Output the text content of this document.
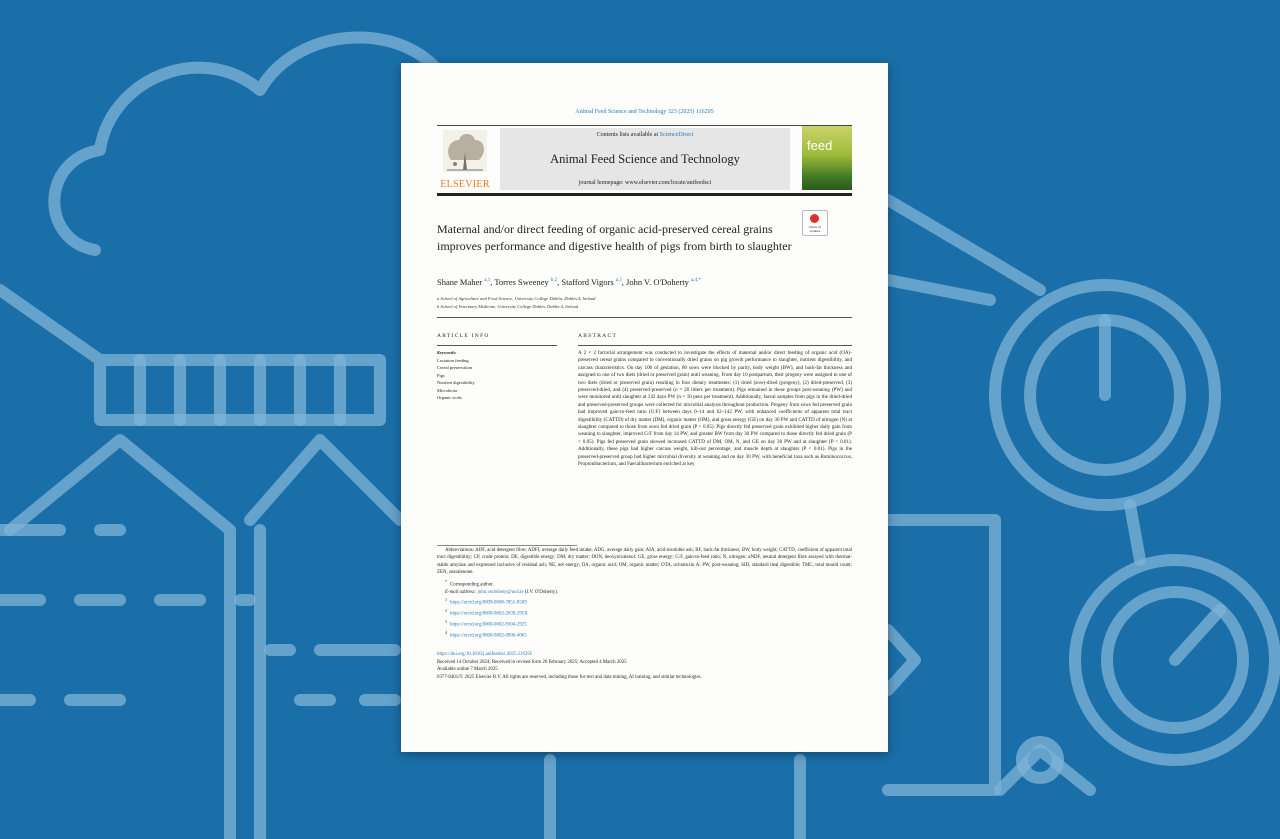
Animal Feed Science and Technology 323 (2025) 116295
ELSEVIER
Contents lists available at ScienceDirect
Animal Feed Science and Technology
journal homepage: www.elsevier.com/locate/anifeedsci
feed
Check for updates
Maternal and/or direct feeding of organic acid-preserved cereal grains improves performance and digestive health of pigs from birth to slaughter
Shane Maher $^{a,1}$, Torres Sweeney $^{b,2}$, Stafford Vigors $^{a,3}$, John V. O'Doherty $^{a,4,*}$
a School of Agriculture and Food Science, University College Dublin, Dublin 4, Ireland
b School of Veterinary Medicine, University College Dublin, Dublin 4, Ireland
ARTICLE INFO	ABSTRACT
Keywords:
Lactation feeding
Cereal preservation
Pigs
Nutrient digestibility
Microbiota
Organic acids
A 2 × 2 factorial arrangement was conducted to investigate the effects of maternal and/or direct feeding of organic acid (OA)-preserved cereal grains compared to conventionally dried grains on pig growth performance to slaughter, nutrient digestibility, and carcass characteristics. On day 100 of gestation, 80 sows were blocked by parity, body weight (BW), and back-fat thickness and assigned to one of two diets (dried or preserved grain) until weaning. From day 10 postpartum, their progeny were assigned to one of two diets (dried or preserved grain) resulting in four dietary treatments: (1) dried (sow)-dried (progeny), (2) dried-preserved, (3) preserved-dried, and (4) preserved-preserved (n = 20 litters per treatment). Pigs remained in these groups post-weaning (PW) and were monitored until slaughter at 142 days PW (n = 10 pens per treatment). Additionally, faecal samples from pigs in the dried-dried and preserved-preserved groups were collected for microbial analysis throughout production. Progeny from sows fed preserved grain had improved gain-to-feed ratio (G:F) between days 0–14 and 62–142 PW, with enhanced coefficients of apparent total tract digestibility (CATTD) of dry matter (DM), organic matter (OM), and gross energy (GE) on day 30 PW and CATTD of nitrogen (N) at slaughter compared to those from sows fed dried grain (P < 0.05). Pigs directly fed preserved grain exhibited higher daily gain from weaning to slaughter, improved G:F from day 14 PW, and greater BW from day 30 PW compared to those directly fed dried grain (P < 0.05). Pigs fed preserved grain showed increased CATTD of DM, OM, N, and GE on day 30 PW and at slaughter (P < 0.01). Additionally, these pigs had higher carcass weight, kill-out percentage, and muscle depth at slaughter (P < 0.01). Pigs in the preserved-preserved group had higher microbial diversity at weaning and on day 30 PW, with beneficial taxa such as Ruminococcus, Propionibacterium, and Faecalibacterium enriched at key
Abbreviations: ADF, acid detergent fibre; ADFI, average daily feed intake; ADG, average daily gain; AIA, acid-insoluble ash; BF, back-fat thickness; BW, body weight; CATTD, coefficient of apparent total tract digestibility; CP, crude protein; DE, digestible energy; DM, dry matter; DON, deoxynivalenol; GE, gross energy; G:F, gain-to-feed ratio; N, nitrogen; aNDF, neutral detergent fibre assayed with thermal-stable amylase and expressed inclusive of residual ash; NE, net energy; OA, organic acid; OM, organic matter; OTA, ochratoxin A; PW, post-weaning; SID, standard ileal digestible; TMC, total mould count; ZEN, zearalenone.
*Corresponding author.
E-mail address: john.vodoherty@ucd.ie (J.V. O'Doherty).
$^1$https://orcid.org/0009-0008-7851-8509
$^2$https://orcid.org/0000-0003-2639-395X
$^3$https://orcid.org/0000-0002-9304-2925
$^4$https://orcid.org/0000-0002-0906-4065
https://doi.org/10.1016/j.anifeedsci.2025.116295
Received 14 October 2024; Received in revised form 26 February 2025; Accepted 4 March 2025
Available online 7 March 2025
0377-8401/© 2025 Elsevier B.V. All rights are reserved, including those for text and data mining, AI training, and similar technologies.
